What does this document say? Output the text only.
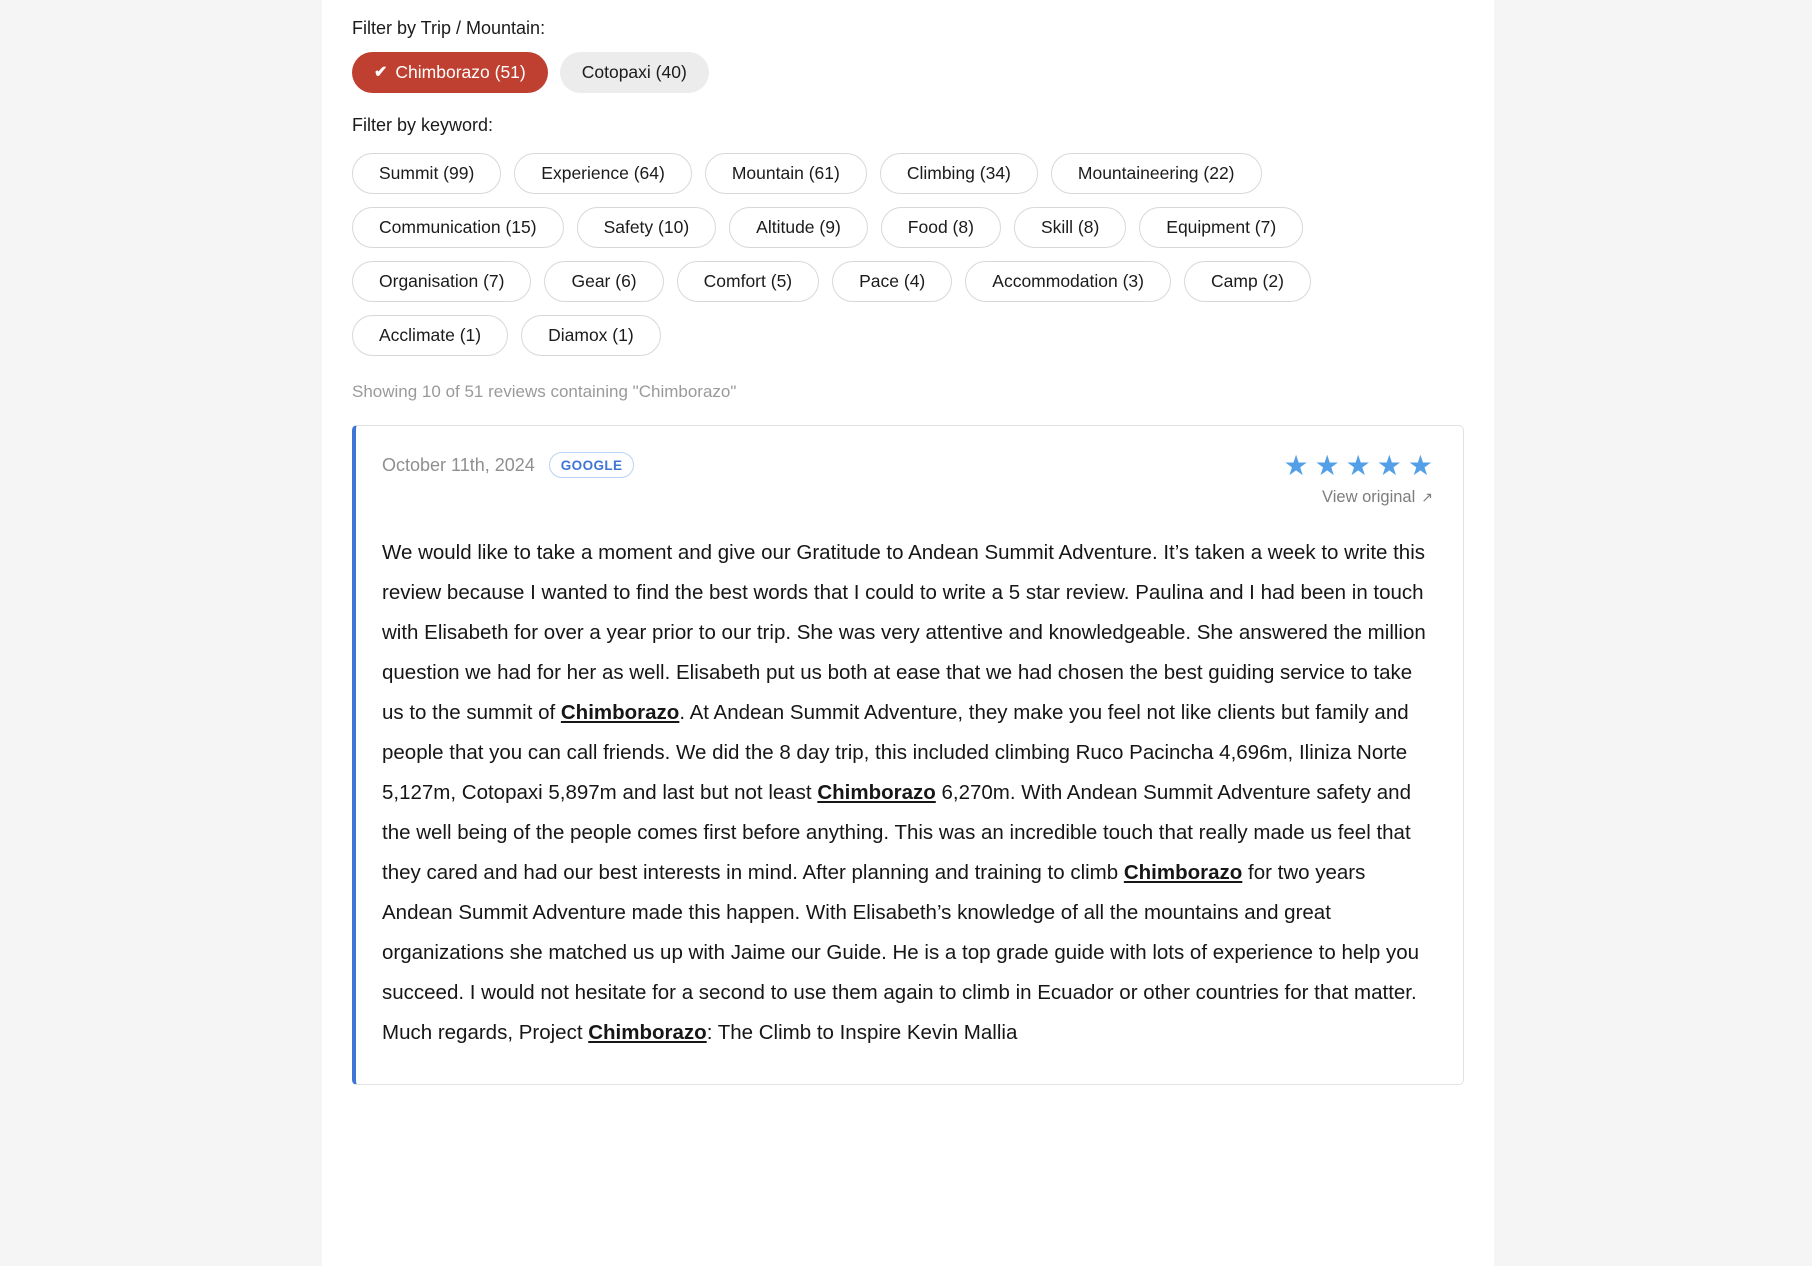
Filter by Trip / Mountain:
✔ Chimborazo (51)	Cotopaxi (40)
Filter by keyword:
Summit (99)	Experience (64)	Mountain (61)	Climbing (34)	Mountaineering (22)
Communication (15)	Safety (10)	Altitude (9)	Food (8)	Skill (8)	Equipment (7)
Organisation (7)	Gear (6)	Comfort (5)	Pace (4)	Accommodation (3)	Camp (2)
Acclimate (1)	Diamox (1)
Showing 10 of 51 reviews containing "Chimborazo"
October 11th, 2024	GOOGLE	★ ★ ★ ★ ★
View original ↗
We would like to take a moment and give our Gratitude to Andean Summit Adventure. It’s taken a week to write this review because I wanted to find the best words that I could to write a 5 star review. Paulina and I had been in touch with Elisabeth for over a year prior to our trip. She was very attentive and knowledgeable. She answered the million question we had for her as well. Elisabeth put us both at ease that we had chosen the best guiding service to take us to the summit of Chimborazo. At Andean Summit Adventure, they make you feel not like clients but family and people that you can call friends. We did the 8 day trip, this included climbing Ruco Pacincha 4,696m, Iliniza Norte 5,127m, Cotopaxi 5,897m and last but not least Chimborazo 6,270m. With Andean Summit Adventure safety and the well being of the people comes first before anything. This was an incredible touch that really made us feel that they cared and had our best interests in mind. After planning and training to climb Chimborazo for two years Andean Summit Adventure made this happen. With Elisabeth’s knowledge of all the mountains and great organizations she matched us up with Jaime our Guide. He is a top grade guide with lots of experience to help you succeed. I would not hesitate for a second to use them again to climb in Ecuador or other countries for that matter. Much regards, Project Chimborazo: The Climb to Inspire Kevin Mallia
